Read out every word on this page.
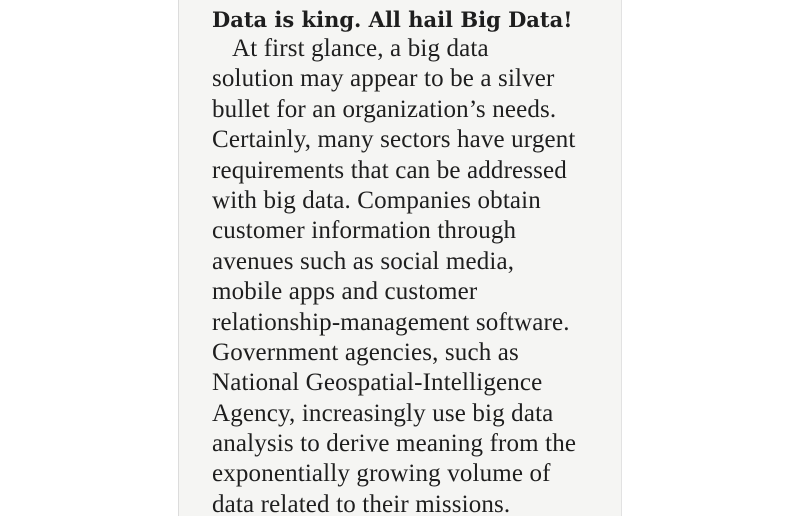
Data is king. All hail Big Data!

At first glance, a big data

solution may appear to be a silver

bullet for an organization’s needs.

Certainly, many sectors have urgent

requirements that can be addressed

with big data. Companies obtain

customer information through

avenues such as social media,

mobile apps and customer

relationship-management software.

Government agencies, such as

National Geospatial-Intelligence

Agency, increasingly use big data

analysis to derive meaning from the

exponentially growing volume of

data related to their missions.
